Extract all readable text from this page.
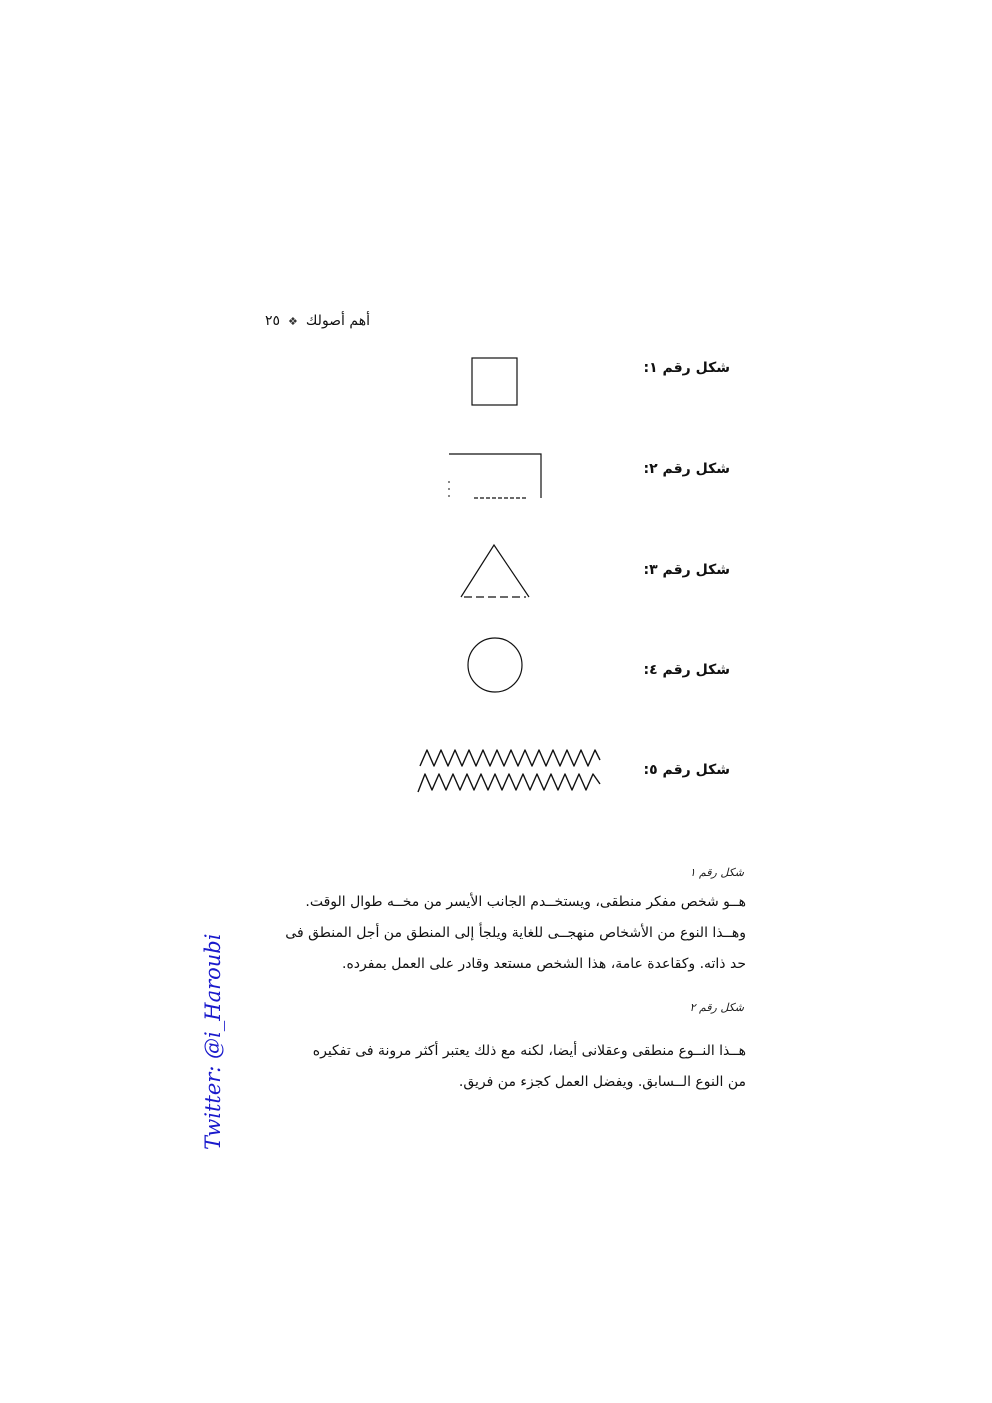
أهم أصولك
❖
٢٥
شكل رقم ١:
شكل رقم ٢:
شكل رقم ٣:
شكل رقم ٤:
شكل رقم ٥:
شكل رقم ١

هــو شخص مفكر منطقى، ويستخــدم الجانب الأيسر من مخــه طوال الوقت.

وهــذا النوع من الأشخاص منهجــى للغاية ويلجأ إلى المنطق من أجل المنطق فى

حد ذاته. وكقاعدة عامة، هذا الشخص مستعد وقادر على العمل بمفرده.

شكل رقم ٢

هــذا النــوع منطقى وعقلانى أيضا، لكنه مع ذلك يعتبر أكثر مرونة فى تفكيره

من النوع الــسابق. ويفضل العمل كجزء من فريق.

Twitter: @i_Haroubi
